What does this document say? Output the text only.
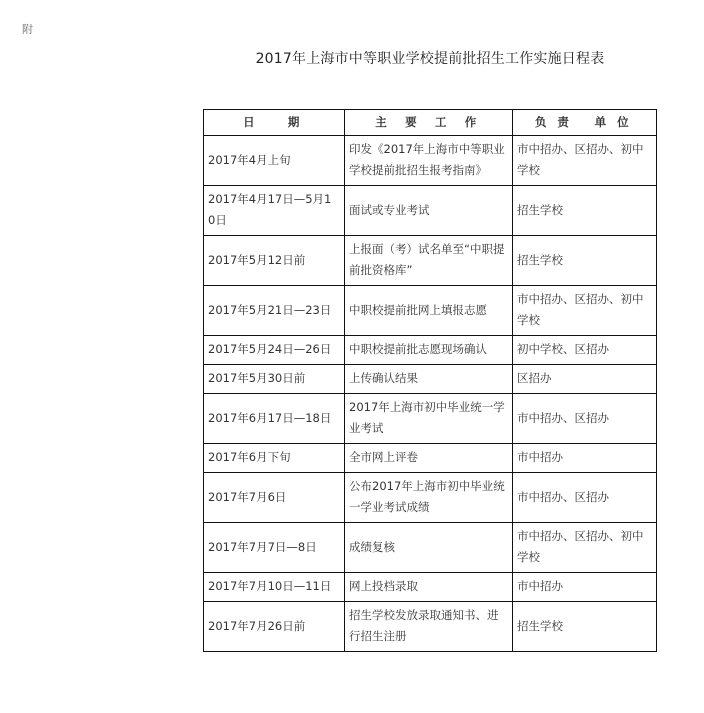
附
2017年上海市中等职业学校提前批招生工作实施日程表
日    期	主  要  工  作	负 责   单 位
2017年4月上旬	印发《2017年上海市中等职业学校提前批招生报考指南》	市中招办、区招办、初中学校
2017年4月17日—5月10日	面试或专业考试	招生学校
2017年5月12日前	上报面（考）试名单至“中职提前批资格库”	招生学校
2017年5月21日—23日	中职校提前批网上填报志愿	市中招办、区招办、初中学校
2017年5月24日—26日	中职校提前批志愿现场确认	初中学校、区招办
2017年5月30日前	上传确认结果	区招办
2017年6月17日—18日	2017年上海市初中毕业统一学业考试	市中招办、区招办
2017年6月下旬	全市网上评卷	市中招办
2017年7月6日	公布2017年上海市初中毕业统一学业考试成绩	市中招办、区招办
2017年7月7日—8日	成绩复核	市中招办、区招办、初中学校
2017年7月10日—11日	网上投档录取	市中招办
2017年7月26日前	招生学校发放录取通知书、进行招生注册	招生学校
